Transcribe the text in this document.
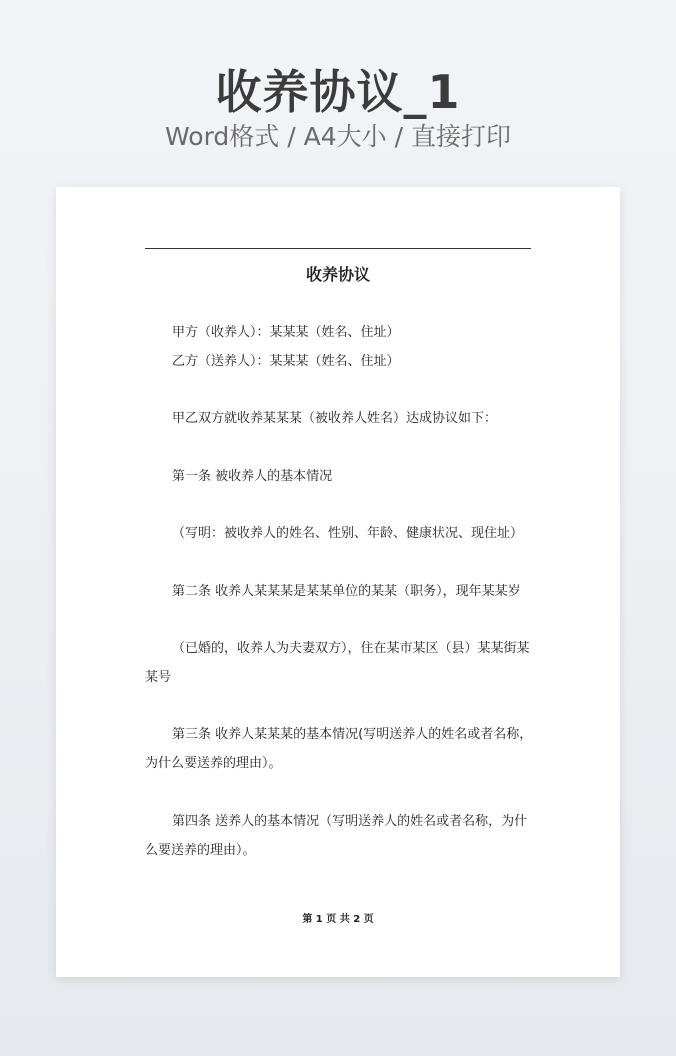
收养协议_1
Word格式 / A4大小 / 直接打印
收养协议
甲方（收养人）：某某某（姓名、住址）
乙方（送养人）：某某某（姓名、住址）
甲乙双方就收养某某某（被收养人姓名）达成协议如下：
第一条 被收养人的基本情况
（写明：被收养人的姓名、性别、年龄、健康状况、现住址）
第二条 收养人某某某是某某单位的某某（职务），现年某某岁
（已婚的，收养人为夫妻双方），住在某市某区（县）某某街某
某号
第三条 收养人某某某的基本情况(写明送养人的姓名或者名称，
为什么要送养的理由）。
第四条 送养人的基本情况（写明送养人的姓名或者名称，为什
么要送养的理由）。
第 1 页 共 2 页
